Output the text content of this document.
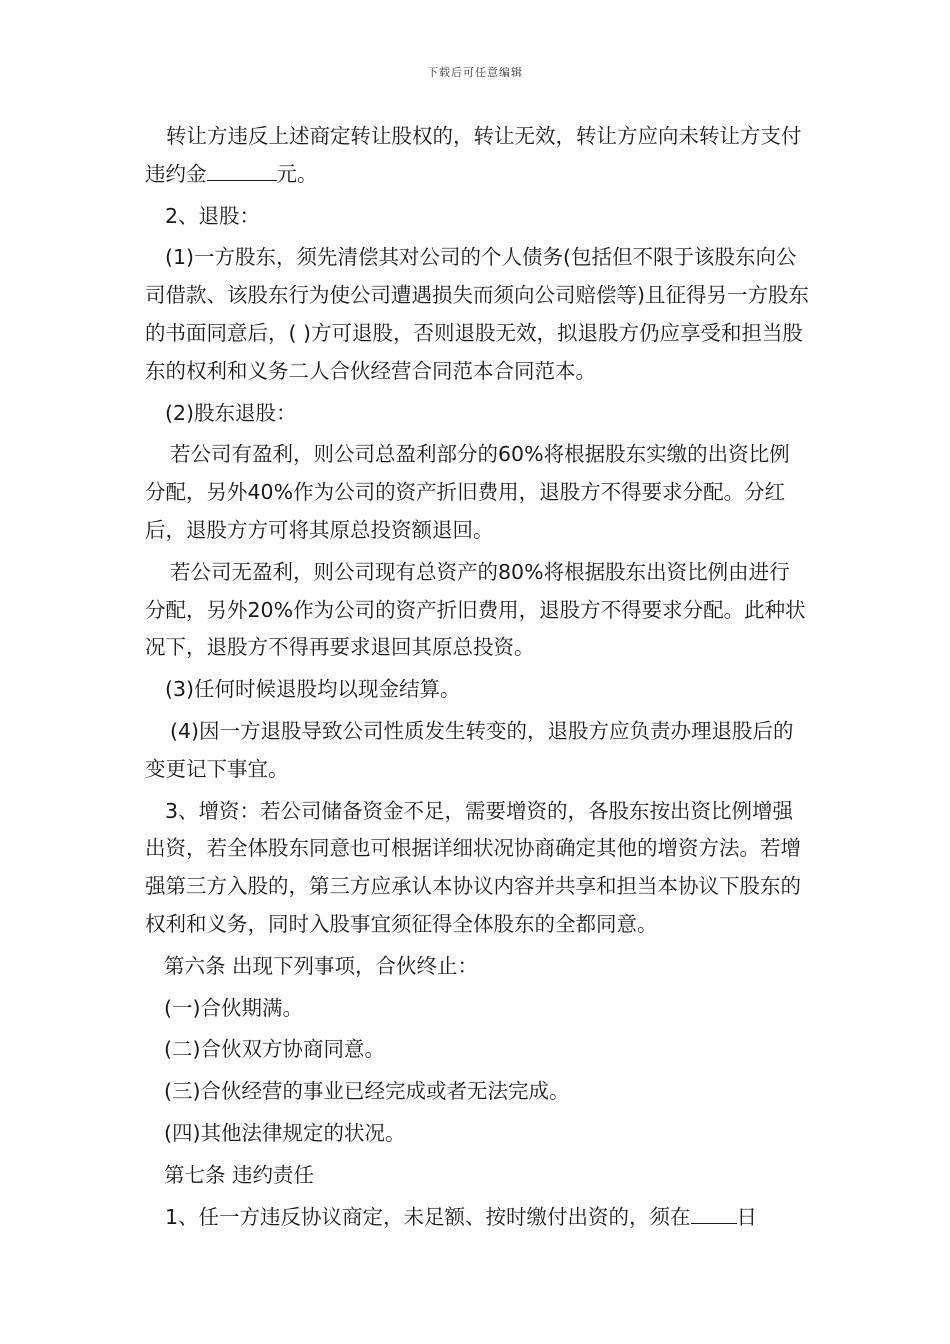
下载后可任意编辑

转让方违反上述商定转让股权的，转让无效，转让方应向未转让方支付违约金	元。

2、退股：

(1)一方股东，须先清偿其对公司的个人债务(包括但不限于该股东向公司借款、该股东行为使公司遭遇损失而须向公司赔偿等)且征得另一方股东的书面同意后，( )方可退股，否则退股无效，拟退股方仍应享受和担当股东的权利和义务二人合伙经营合同范本合同范本。

(2)股东退股：

若公司有盈利，则公司总盈利部分的60%将根据股东实缴的出资比例分配，另外40%作为公司的资产折旧费用，退股方不得要求分配。分红后，退股方方可将其原总投资额退回。

若公司无盈利，则公司现有总资产的80%将根据股东出资比例由进行分配，另外20%作为公司的资产折旧费用，退股方不得要求分配。此种状况下，退股方不得再要求退回其原总投资。

(3)任何时候退股均以现金结算。

(4)因一方退股导致公司性质发生转变的，退股方应负责办理退股后的变更记下事宜。

3、增资：若公司储备资金不足，需要增资的，各股东按出资比例增强出资，若全体股东同意也可根据详细状况协商确定其他的增资方法。若增强第三方入股的，第三方应承认本协议内容并共享和担当本协议下股东的权利和义务，同时入股事宜须征得全体股东的全都同意。

第六条 出现下列事项，合伙终止：

(一)合伙期满。

(二)合伙双方协商同意。

(三)合伙经营的事业已经完成或者无法完成。

(四)其他法律规定的状况。

第七条 违约责任

1、任一方违反协议商定，未足额、按时缴付出资的，须在 日
